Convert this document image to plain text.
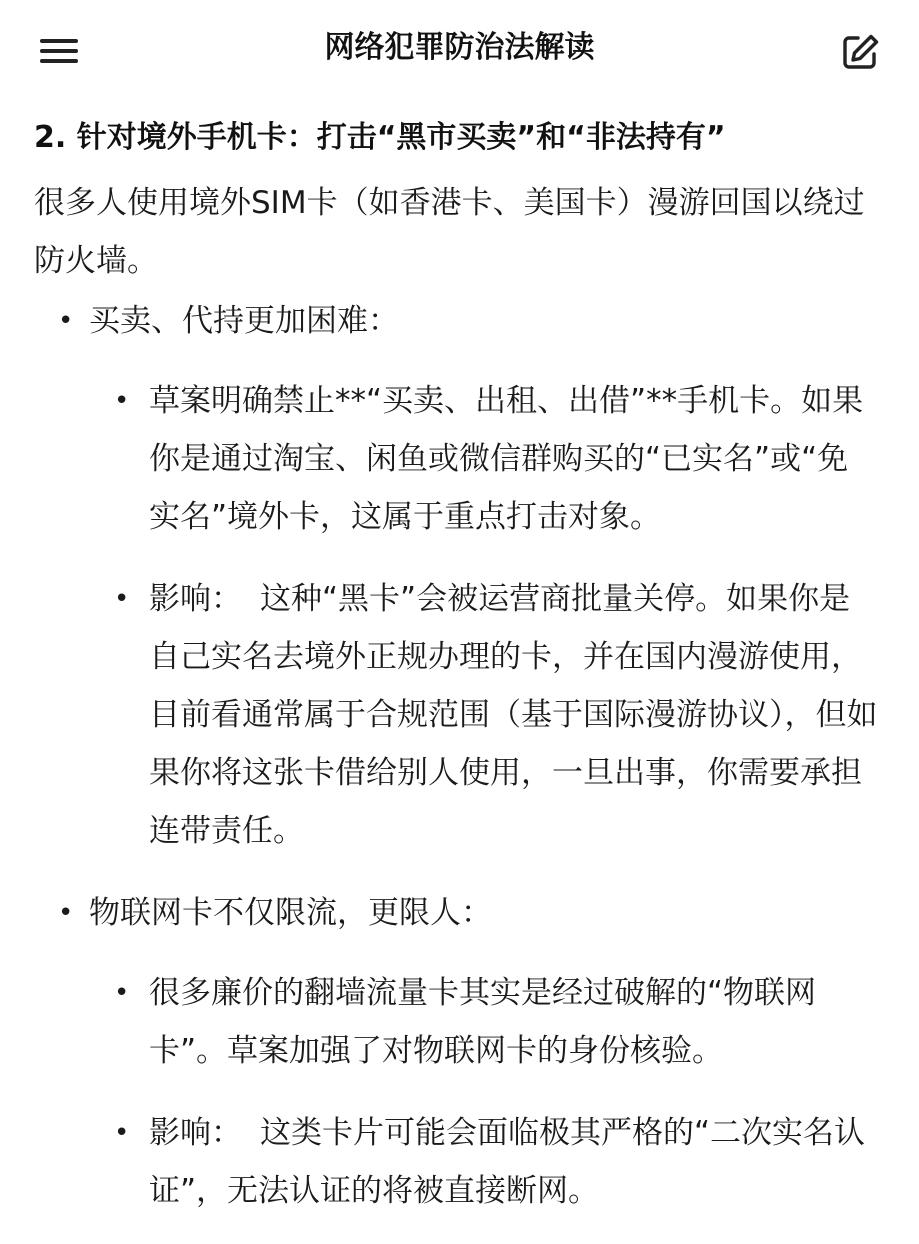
网络犯罪防治法解读

2. 针对境外手机卡：打击“黑市买卖”和“非法持有”

很多人使用境外SIM卡（如香港卡、美国卡）漫游回国以绕过防火墙。

• 买卖、代持更加困难：

• 草案明确禁止**“买卖、出租、出借”**手机卡。如果你是通过淘宝、闲鱼或微信群购买的“已实名”或“免实名”境外卡，这属于重点打击对象。

• 影响： 这种“黑卡”会被运营商批量关停。如果你是自己实名去境外正规办理的卡，并在国内漫游使用，目前看通常属于合规范围（基于国际漫游协议），但如果你将这张卡借给别人使用，一旦出事，你需要承担连带责任。

• 物联网卡不仅限流，更限人：

• 很多廉价的翻墙流量卡其实是经过破解的“物联网卡”。草案加强了对物联网卡的身份核验。

• 影响： 这类卡片可能会面临极其严格的“二次实名认证”，无法认证的将被直接断网。
